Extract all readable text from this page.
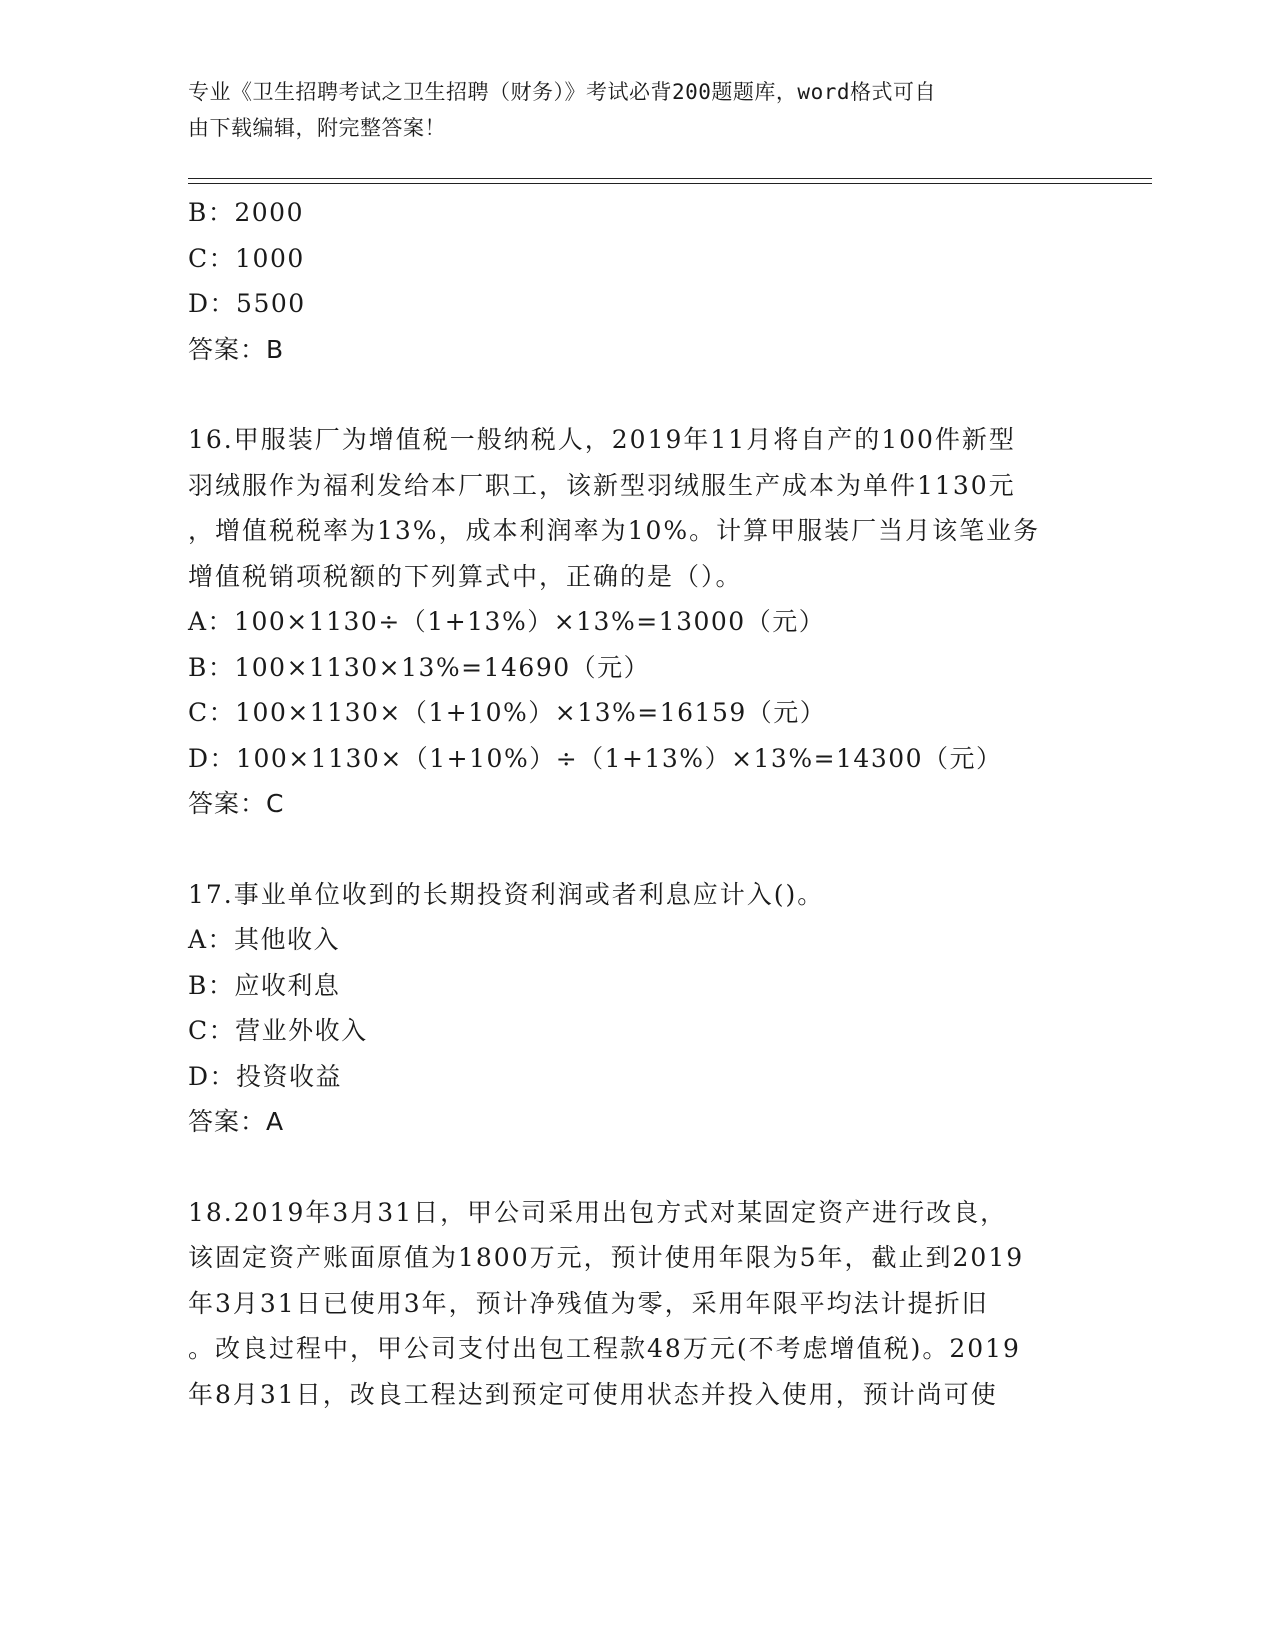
专业《卫生招聘考试之卫生招聘（财务）》考试必背200题题库，word格式可自
由下载编辑，附完整答案！
B：2000
C：1000
D：5500
答案：B
16.甲服装厂为增值税一般纳税人，2019年11月将自产的100件新型
羽绒服作为福利发给本厂职工，该新型羽绒服生产成本为单件1130元
，增值税税率为13%，成本利润率为10%。计算甲服装厂当月该笔业务
增值税销项税额的下列算式中，正确的是（）。
A：100×1130÷（1+13%）×13%=13000（元）
B：100×1130×13%=14690（元）
C：100×1130×（1+10%）×13%=16159（元）
D：100×1130×（1+10%）÷（1+13%）×13%=14300（元）
答案：C
17.事业单位收到的长期投资利润或者利息应计入()。
A：其他收入
B：应收利息
C：营业外收入
D：投资收益
答案：A
18.2019年3月31日，甲公司采用出包方式对某固定资产进行改良，
该固定资产账面原值为1800万元，预计使用年限为5年，截止到2019
年3月31日已使用3年，预计净残值为零，采用年限平均法计提折旧
。改良过程中，甲公司支付出包工程款48万元(不考虑增值税)。2019
年8月31日，改良工程达到预定可使用状态并投入使用，预计尚可使
